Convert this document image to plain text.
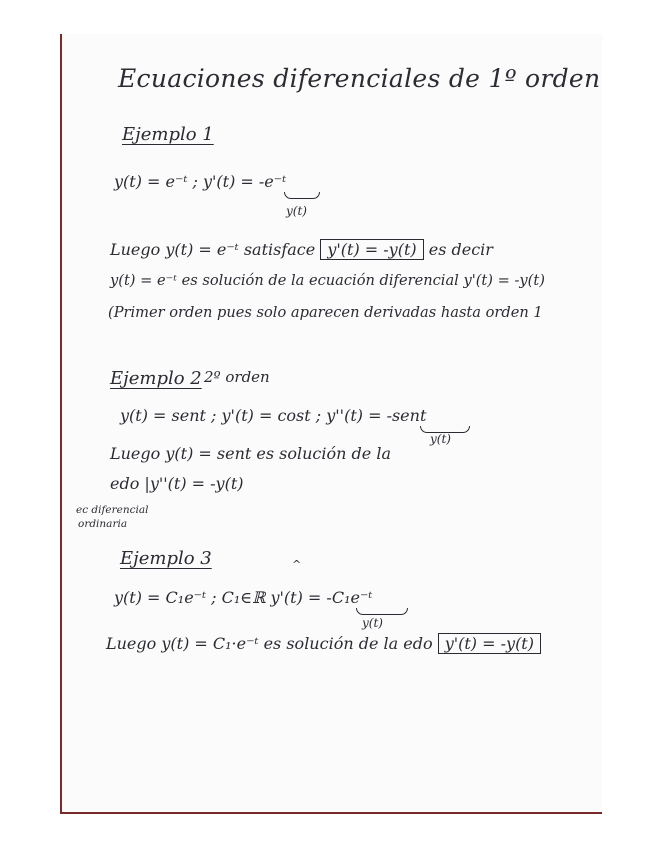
Ecuaciones diferenciales de 1º orden
Ejemplo 1
y(t) = e⁻ᵗ ; y'(t) = -e⁻ᵗ
y(t)
Luego y(t) = e⁻ᵗ satisface y'(t) = -y(t) es decir
y(t) = e⁻ᵗ es solución de la ecuación diferencial y'(t) = -y(t)
(Primer orden pues solo aparecen derivadas hasta orden 1
Ejemplo 2 2º orden
y(t) = sent ; y'(t) = cost ; y''(t) = -sent
y(t)
Luego y(t) = sent es solución de la
edo |y''(t) = -y(t)
ec diferencial
ordinaria
Ejemplo 3	^
y(t) = C₁e⁻ᵗ ; C₁∈ℝ y'(t) = -C₁e⁻ᵗ
y(t)
Luego y(t) = C₁·e⁻ᵗ es solución de la edo y'(t) = -y(t)
